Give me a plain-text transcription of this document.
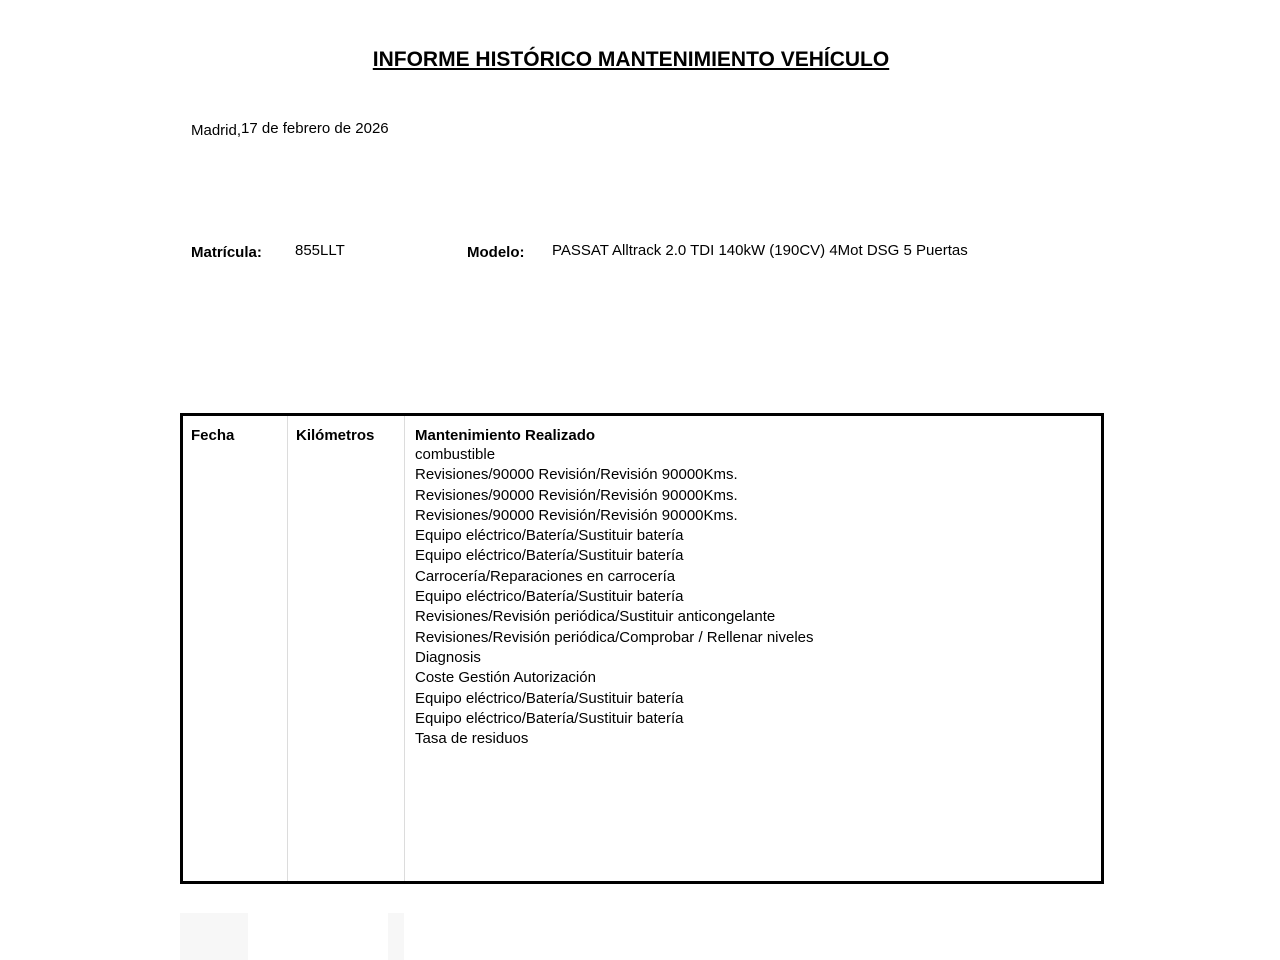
INFORME HISTÓRICO MANTENIMIENTO VEHÍCULO
Madrid,17 de febrero de 2026
Matrícula: 855LLT	Modelo: PASSAT Alltrack 2.0 TDI 140kW (190CV) 4Mot DSG 5 Puertas
Fecha	Kilómetros	Mantenimiento Realizado
combustible
Revisiones/90000 Revisión/Revisión 90000Kms.
Revisiones/90000 Revisión/Revisión 90000Kms.
Revisiones/90000 Revisión/Revisión 90000Kms.
Equipo eléctrico/Batería/Sustituir batería
Equipo eléctrico/Batería/Sustituir batería
Carrocería/Reparaciones en carrocería
Equipo eléctrico/Batería/Sustituir batería
Revisiones/Revisión periódica/Sustituir anticongelante
Revisiones/Revisión periódica/Comprobar / Rellenar niveles
Diagnosis
Coste Gestión Autorización
Equipo eléctrico/Batería/Sustituir batería
Equipo eléctrico/Batería/Sustituir batería
Tasa de residuos
